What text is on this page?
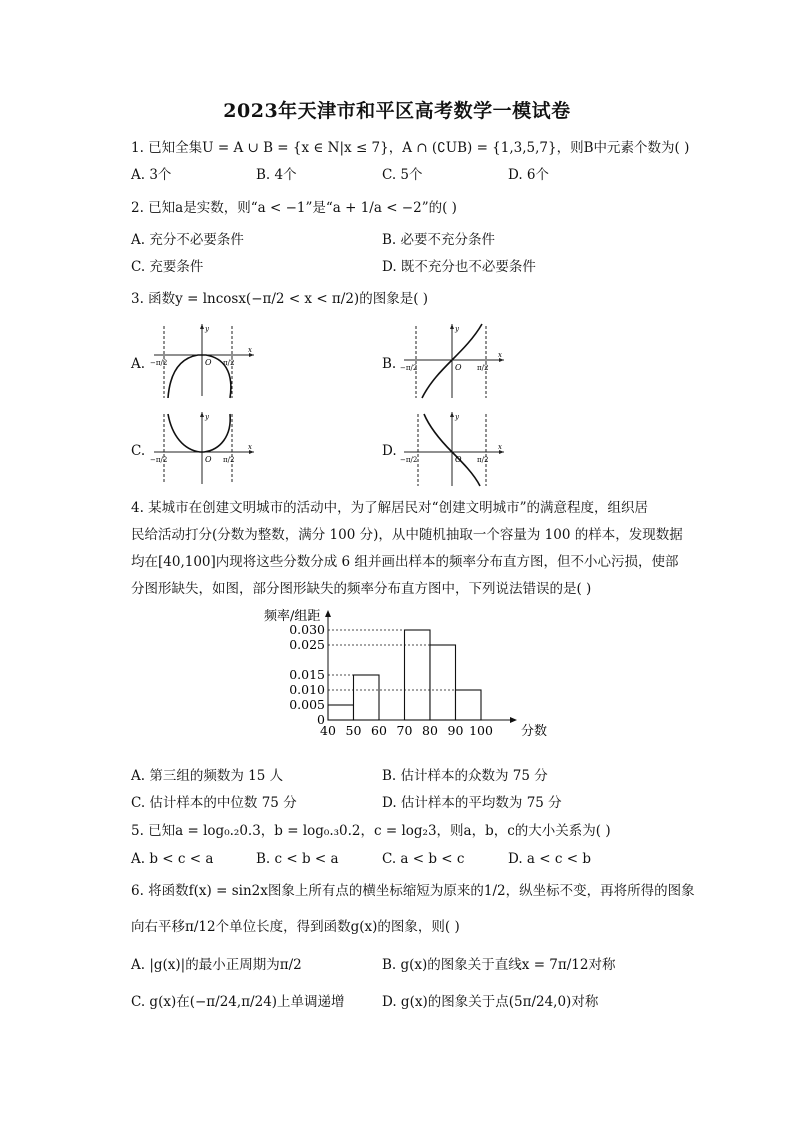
2023年天津市和平区高考数学一模试卷
1. 已知全集U = A ∪ B = {x ∈ N|x ≤ 7}，A ∩ (∁UB) = {1,3,5,7}，则B中元素个数为( )
A. 3个	B. 4个	C. 5个	D. 6个
2. 已知a是实数，则“a < −1”是“a + 1/a < −2”的( )
A. 充分不必要条件	B. 必要不充分条件
C. 充要条件	D. 既不充分也不必要条件
3. 函数y = lncosx(−π/2 < x < π/2)的图象是( )
A.	O
y
x
−π/2	π/2	B.	O
y
x
−π/2	π/2
C.
O
y
x
−π/2	π/2
D.
O
y
x
−π/2	π/2
4. 某城市在创建文明城市的活动中，为了解居民对“创建文明城市”的满意程度，组织居
民给活动打分(分数为整数，满分 100 分)，从中随机抽取一个容量为 100 的样本，发现数据
均在[40,100]内现将这些分数分成 6 组并画出样本的频率分布直方图，但不小心污损，使部
分图形缺失，如图，部分图形缺失的频率分布直方图中，下列说法错误的是( )
0
0.005
0.010
0.015
0.025
0.030
40 50 60 70 80 90 100
频率/组距
分数
A. 第三组的频数为 15 人	B. 估计样本的众数为 75 分
C. 估计样本的中位数 75 分	D. 估计样本的平均数为 75 分
5. 已知a = log₀.₂0.3，b = log₀.₃0.2，c = log₂3，则a，b，c的大小关系为( )
A. b < c < a	B. c < b < a	C. a < b < c	D. a < c < b
6. 将函数f(x) = sin2x图象上所有点的横坐标缩短为原来的1/2，纵坐标不变，再将所得的图象
向右平移π/12个单位长度，得到函数g(x)的图象，则( )
A. |g(x)|的最小正周期为π/2	B. g(x)的图象关于直线x = 7π/12对称
C. g(x)在(−π/24,π/24)上单调递增	D. g(x)的图象关于点(5π/24,0)对称
